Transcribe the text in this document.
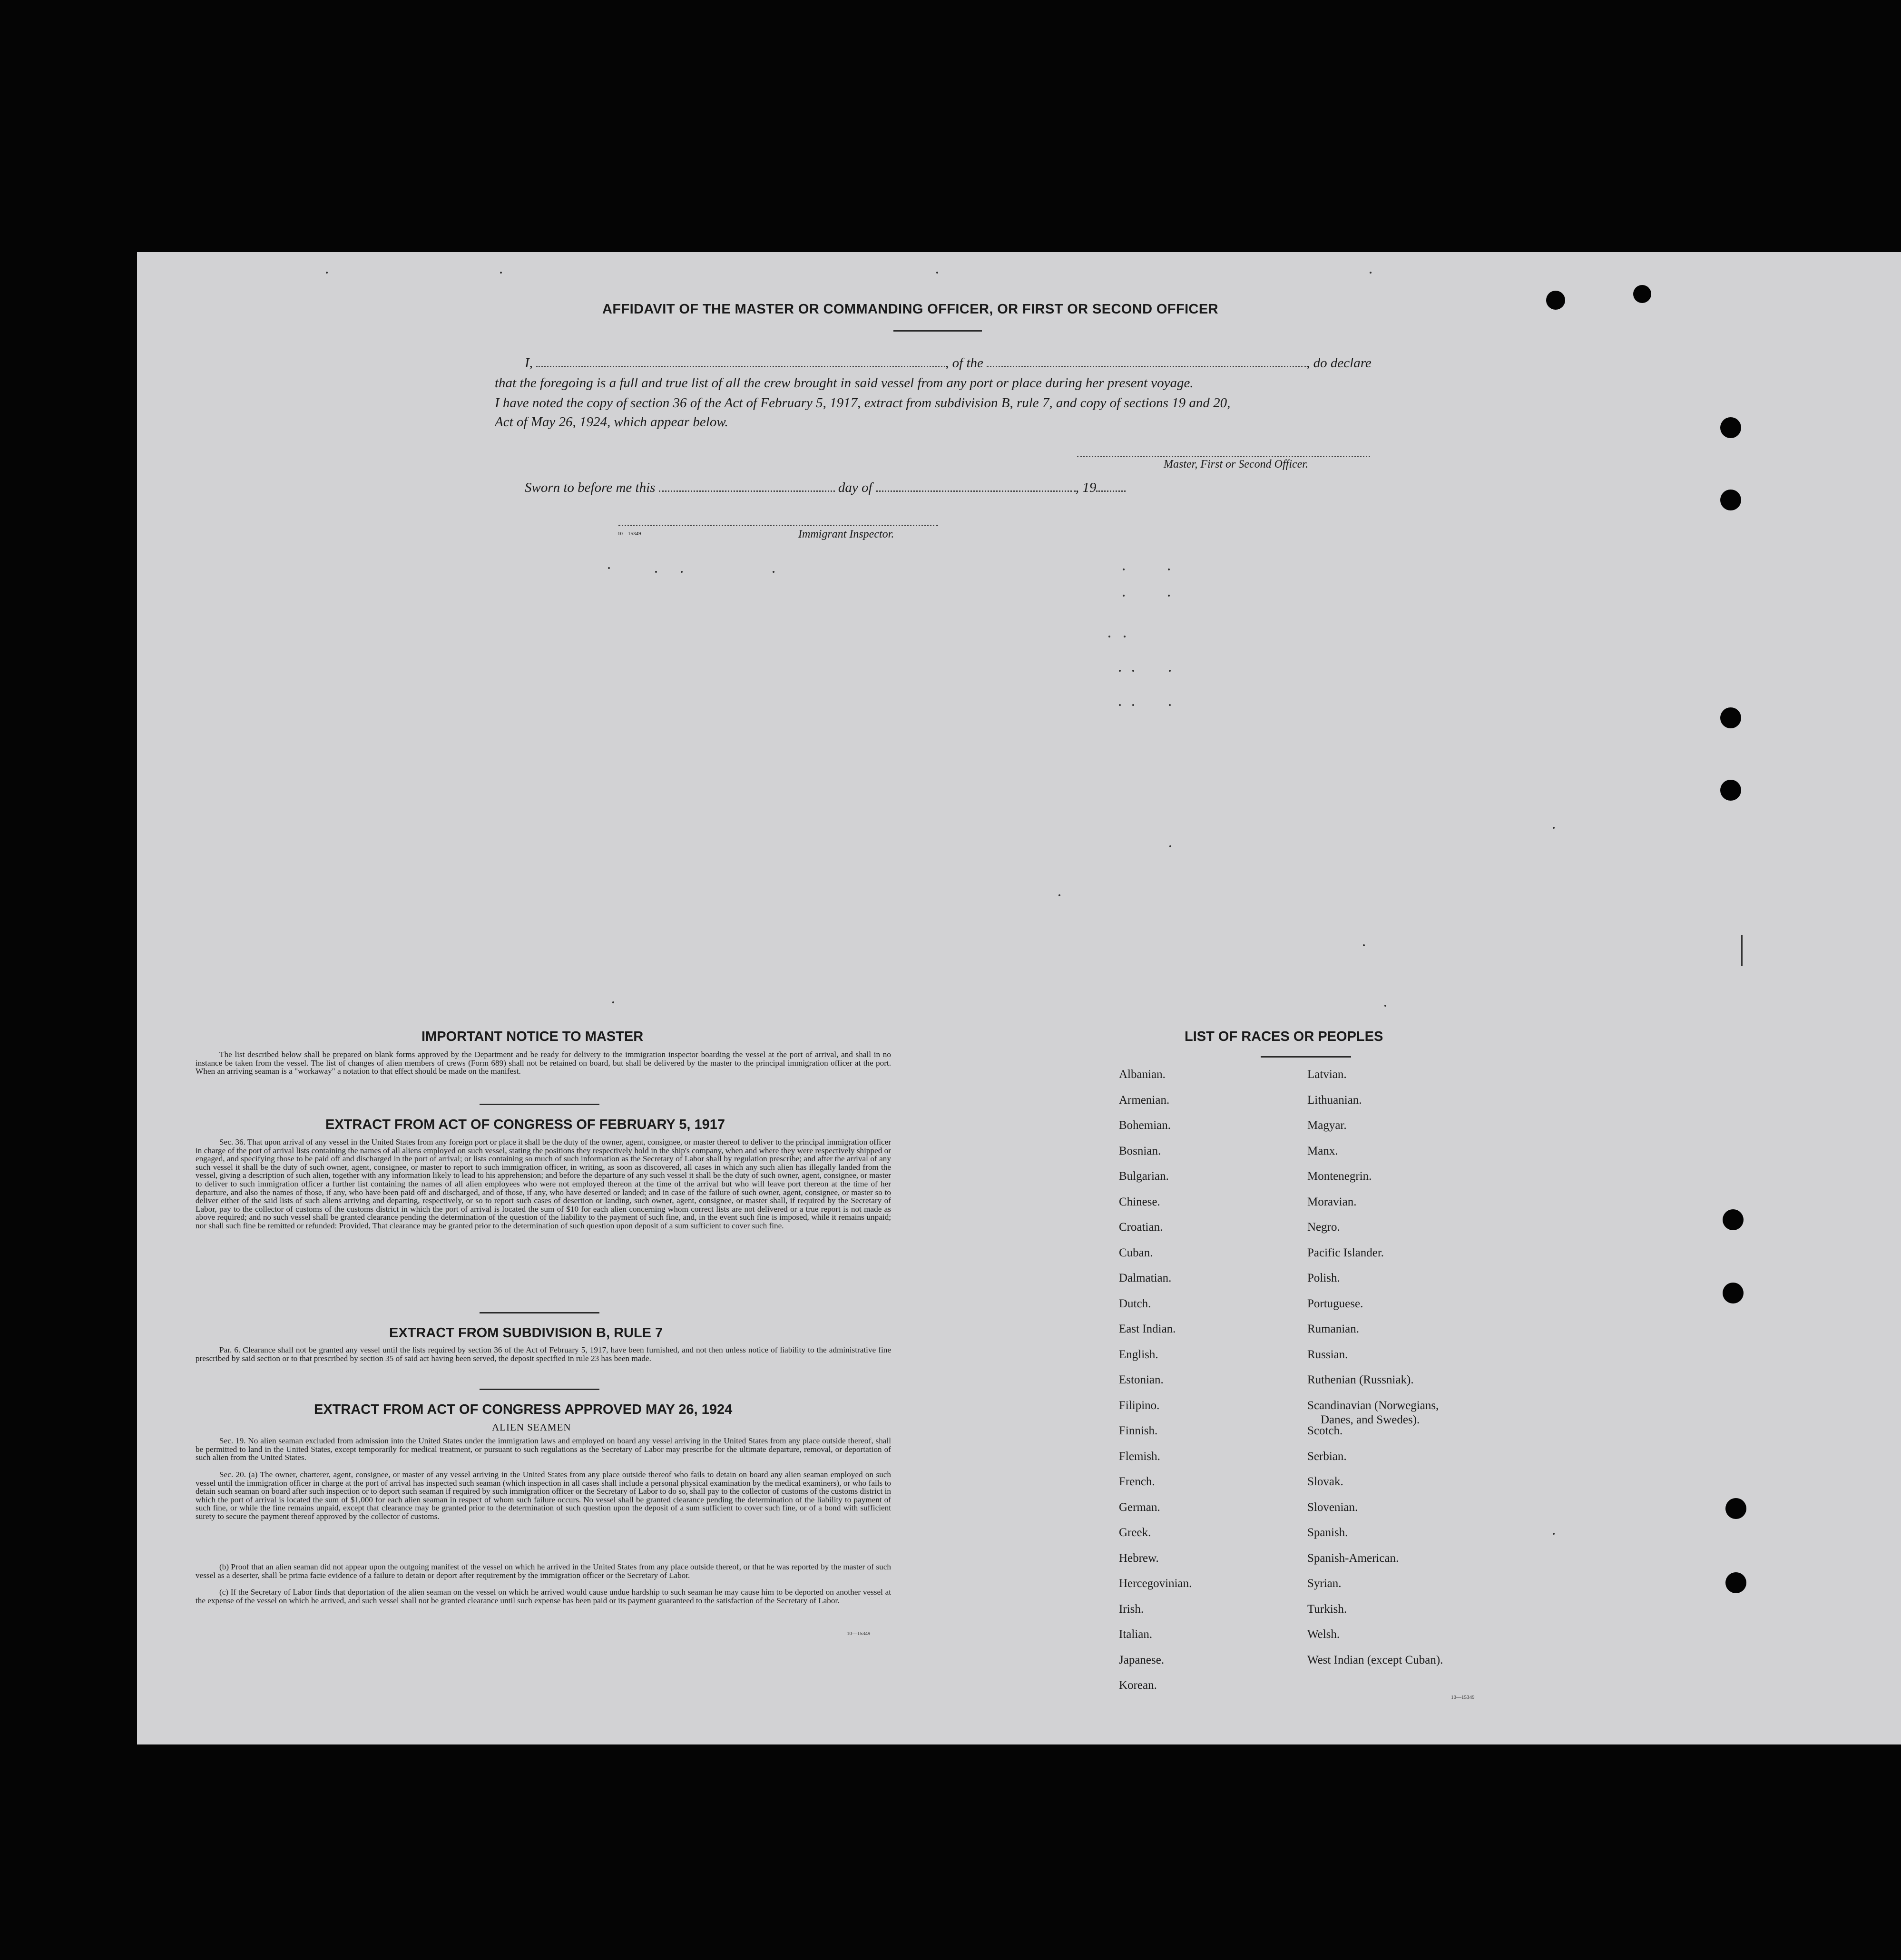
AFFIDAVIT OF THE MASTER OR COMMANDING OFFICER, OR FIRST OR SECOND OFFICER
I,	, of the	, do declare
that the foregoing is a full and true list of all the crew brought in said vessel from any port or place during her present voyage.
I have noted the copy of section 36 of the Act of February 5, 1917, extract from subdivision B, rule 7, and copy of sections 19 and 20,
Act of May 26, 1924, which appear below.
Master, First or Second Officer.
Sworn to before me this	day of	, 19
10—15349	Immigrant Inspector.
IMPORTANT NOTICE TO MASTER
The list described below shall be prepared on blank forms approved by the Department and be ready for delivery to the immigration inspector boarding the vessel at the port of arrival, and shall in no instance be taken from the vessel. The list of changes of alien members of crews (Form 689) shall not be retained on board, but shall be delivered by the master to the principal immigration officer at the port. When an arriving seaman is a "workaway" a notation to that effect should be made on the manifest.
EXTRACT FROM ACT OF CONGRESS OF FEBRUARY 5, 1917
Sec. 36. That upon arrival of any vessel in the United States from any foreign port or place it shall be the duty of the owner, agent, consignee, or master thereof to deliver to the principal immigration officer in charge of the port of arrival lists containing the names of all aliens employed on such vessel, stating the positions they respectively hold in the ship's company, when and where they were respectively shipped or engaged, and specifying those to be paid off and discharged in the port of arrival; or lists containing so much of such information as the Secretary of Labor shall by regulation prescribe; and after the arrival of any such vessel it shall be the duty of such owner, agent, consignee, or master to report to such immigration officer, in writing, as soon as discovered, all cases in which any such alien has illegally landed from the vessel, giving a description of such alien, together with any information likely to lead to his apprehension; and before the departure of any such vessel it shall be the duty of such owner, agent, consignee, or master to deliver to such immigration officer a further list containing the names of all alien employees who were not employed thereon at the time of the arrival but who will leave port thereon at the time of her departure, and also the names of those, if any, who have been paid off and discharged, and of those, if any, who have deserted or landed; and in case of the failure of such owner, agent, consignee, or master so to deliver either of the said lists of such aliens arriving and departing, respectively, or so to report such cases of desertion or landing, such owner, agent, consignee, or master shall, if required by the Secretary of Labor, pay to the collector of customs of the customs district in which the port of arrival is located the sum of $10 for each alien concerning whom correct lists are not delivered or a true report is not made as above required; and no such vessel shall be granted clearance pending the determination of the question of the liability to the payment of such fine, and, in the event such fine is imposed, while it remains unpaid; nor shall such fine be remitted or refunded: Provided, That clearance may be granted prior to the determination of such question upon deposit of a sum sufficient to cover such fine.
EXTRACT FROM SUBDIVISION B, RULE 7
Par. 6. Clearance shall not be granted any vessel until the lists required by section 36 of the Act of February 5, 1917, have been furnished, and not then unless notice of liability to the administrative fine prescribed by said section or to that prescribed by section 35 of said act having been served, the deposit specified in rule 23 has been made.
EXTRACT FROM ACT OF CONGRESS APPROVED MAY 26, 1924
ALIEN SEAMEN
Sec. 19. No alien seaman excluded from admission into the United States under the immigration laws and employed on board any vessel arriving in the United States from any place outside thereof, shall be permitted to land in the United States, except temporarily for medical treatment, or pursuant to such regulations as the Secretary of Labor may prescribe for the ultimate departure, removal, or deportation of such alien from the United States.
Sec. 20. (a) The owner, charterer, agent, consignee, or master of any vessel arriving in the United States from any place outside thereof who fails to detain on board any alien seaman employed on such vessel until the immigration officer in charge at the port of arrival has inspected such seaman (which inspection in all cases shall include a personal physical examination by the medical examiners), or who fails to detain such seaman on board after such inspection or to deport such seaman if required by such immigration officer or the Secretary of Labor to do so, shall pay to the collector of customs of the customs district in which the port of arrival is located the sum of $1,000 for each alien seaman in respect of whom such failure occurs. No vessel shall be granted clearance pending the determination of the liability to payment of such fine, or while the fine remains unpaid, except that clearance may be granted prior to the determination of such question upon the deposit of a sum sufficient to cover such fine, or of a bond with sufficient surety to secure the payment thereof approved by the collector of customs.
(b) Proof that an alien seaman did not appear upon the outgoing manifest of the vessel on which he arrived in the United States from any place outside thereof, or that he was reported by the master of such vessel as a deserter, shall be prima facie evidence of a failure to detain or deport after requirement by the immigration officer or the Secretary of Labor.
(c) If the Secretary of Labor finds that deportation of the alien seaman on the vessel on which he arrived would cause undue hardship to such seaman he may cause him to be deported on another vessel at the expense of the vessel on which he arrived, and such vessel shall not be granted clearance until such expense has been paid or its payment guaranteed to the satisfaction of the Secretary of Labor.
10—15349
LIST OF RACES OR PEOPLES
10—15349
Albanian.
Armenian.
Bohemian.
Bosnian.
Bulgarian.
Chinese.
Croatian.
Cuban.
Dalmatian.
Dutch.
East Indian.
English.
Estonian.
Filipino.
Finnish.
Flemish.
French.
German.
Greek.
Hebrew.
Hercegovinian.
Irish.
Italian.
Japanese.
Korean.
Latvian.
Lithuanian.
Magyar.
Manx.
Montenegrin.
Moravian.
Negro.
Pacific Islander.
Polish.
Portuguese.
Rumanian.
Russian.
Ruthenian (Russniak).
Scandinavian (Norwegians,
Danes, and Swedes).
Scotch.
Serbian.
Slovak.
Slovenian.
Spanish.
Spanish-American.
Syrian.
Turkish.
Welsh.
West Indian (except Cuban).
